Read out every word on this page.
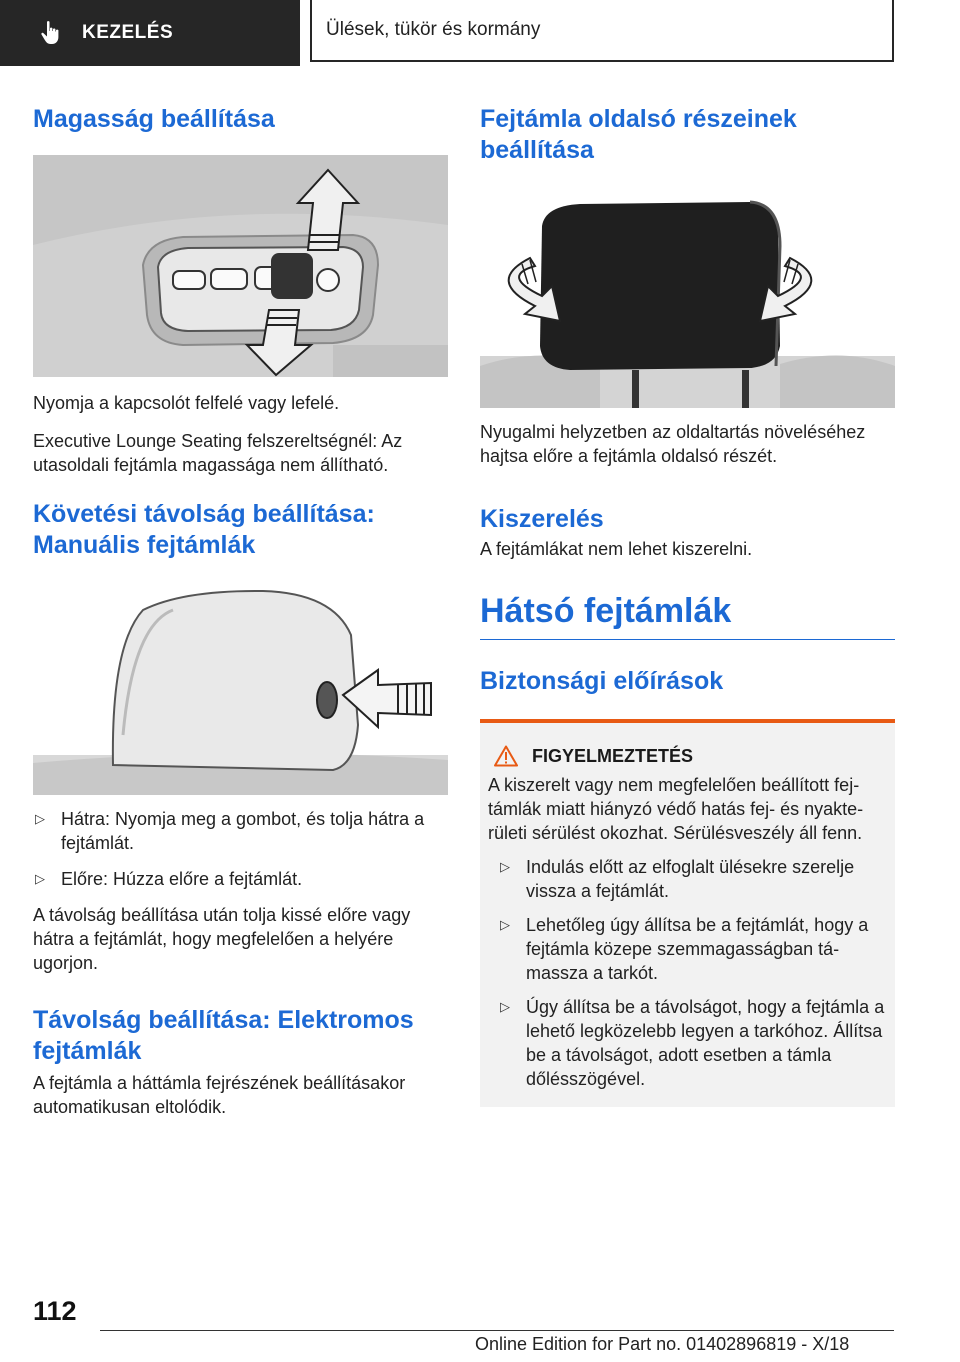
KEZELÉS	Ülések, tükör és kormány
Magasság beállítása

Nyomja a kapcsolót felfelé vagy lefelé.

Executive Lounge Seating felszereltségnél: Az utasoldali fejtámla magassága nem állítható.

Követési távolság beállítása: Manuális fejtámlák
▷ Hátra: Nyomja meg a gombot, és tolja hátra a fejtámlát.
▷ Előre: Húzza előre a fejtámlát.

A távolság beállítása után tolja kissé előre vagy hátra a fejtámlát, hogy megfelelően a helyére ugorjon.

Távolság beállítása: Elektromos fejtámlák

A fejtámla a háttámla fejrészének beállításakor automatikusan eltolódik.

Fejtámla oldalsó részeinek beállítása

Nyugalmi helyzetben az oldaltartás növeléséhez hajtsa előre a fejtámla oldalsó részét.

Kiszerelés

A fejtámlákat nem lehet kiszerelni.

Hátsó fejtámlák
Biztonsági előírások
FIGYELMEZTETÉS

A kiszerelt vagy nem megfelelően beállított fej-támlák miatt hiányzó védő hatás fej- és nyakte-rületi sérülést okozhat. Sérülésveszély áll fenn.

▷ Indulás előtt az elfoglalt ülésekre szerelje vissza a fejtámlát.
▷ Lehetőleg úgy állítsa be a fejtámlát, hogy a fejtámla közepe szemmagasságban tá-massza a tarkót.
▷ Úgy állítsa be a távolságot, hogy a fejtámla a lehető legközelebb legyen a tarkóhoz. Állítsa be a távolságot, adott esetben a támla dőlésszögével.
112
Online Edition for Part no. 01402896819 - X/18
